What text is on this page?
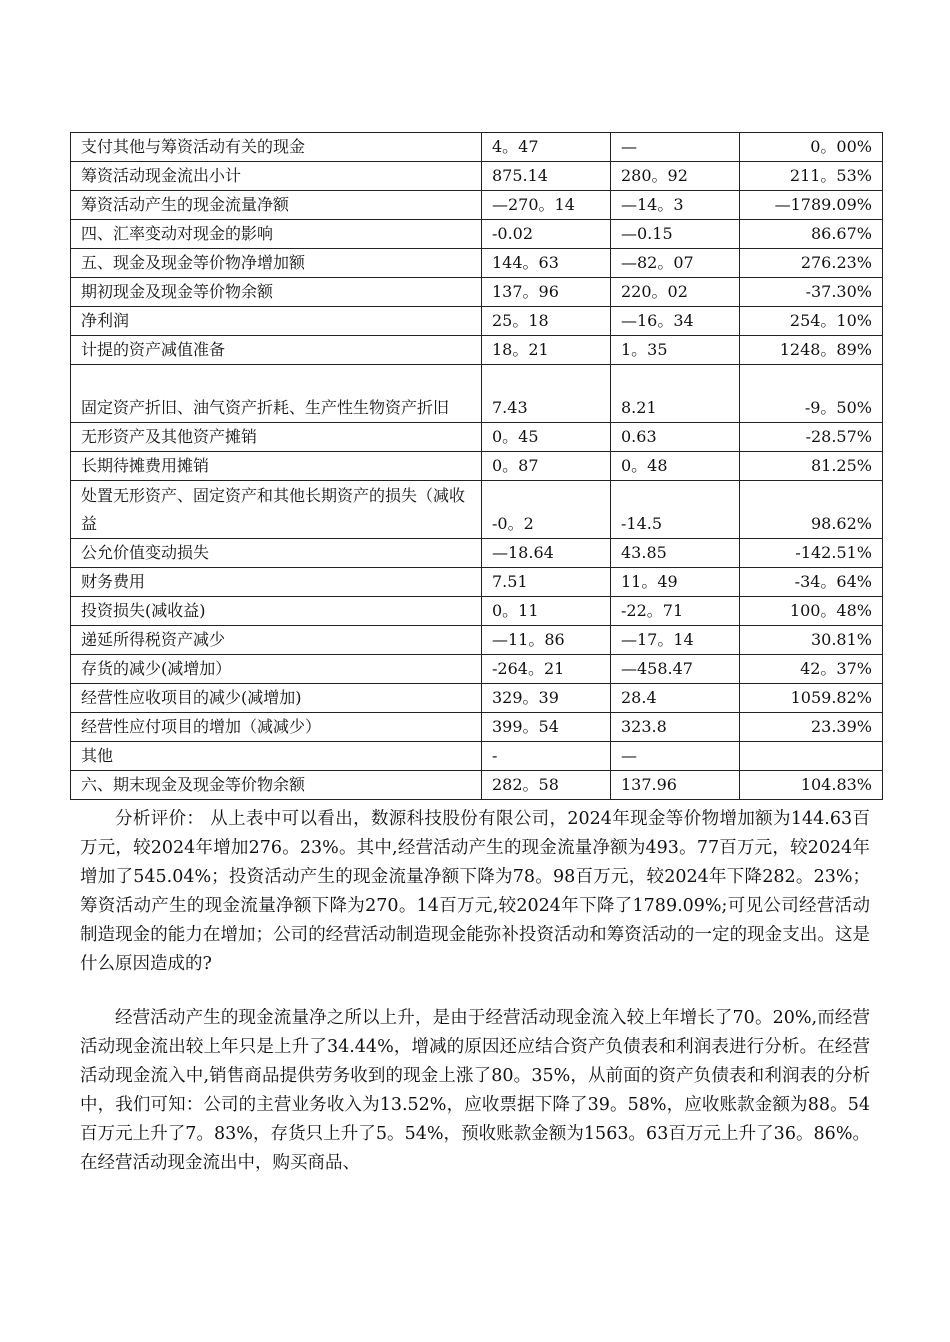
支付其他与筹资活动有关的现金	4。47	—	0。00%
筹资活动现金流出小计	875.14	280。92	211。53%
筹资活动产生的现金流量净额	—270。14	—14。3	—1789.09%
四、汇率变动对现金的影响	-0.02	—0.15	86.67%
五、现金及现金等价物净增加额	144。63	—82。07	276.23%
期初现金及现金等价物余额	137。96	220。02	-37.30%
净利润	25。18	—16。34	254。10%
计提的资产减值准备	18。21	1。35	1248。89%
固定资产折旧、油气资产折耗、生产性生物资产折旧	7.43	8.21	-9。50%
无形资产及其他资产摊销	0。45	0.63	-28.57%
长期待摊费用摊销	0。87	0。48	81.25%
处置无形资产、固定资产和其他长期资产的损失（减收益	-0。2	-14.5	98.62%
公允价值变动损失	—18.64	43.85	-142.51%
财务费用	7.51	11。49	-34。64%
投资损失(减收益)	0。11	-22。71	100。48%
递延所得税资产减少	—11。86	—17。14	30.81%
存货的减少(减增加）	-264。21	—458.47	42。37%
经营性应收项目的减少(减增加)	329。39	28.4	1059.82%
经营性应付项目的增加（减减少）	399。54	323.8	23.39%
其他	-	—	
六、期末现金及现金等价物余额	282。58	137.96	104.83%

分析评价： 从上表中可以看出，数源科技股份有限公司，2024年现金等价物增加额为144.63百万元，较2024年增加276。23%。其中,经营活动产生的现金流量净额为493。77百万元，较2024年增加了545.04%；投资活动产生的现金流量净额下降为78。98百万元，较2024年下降282。23%；筹资活动产生的现金流量净额下降为270。14百万元,较2024年下降了1789.09%;可见公司经营活动制造现金的能力在增加；公司的经营活动制造现金能弥补投资活动和筹资活动的一定的现金支出。这是什么原因造成的?

经营活动产生的现金流量净之所以上升，是由于经营活动现金流入较上年增长了70。20%,而经营活动现金流出较上年只是上升了34.44%，增减的原因还应结合资产负债表和利润表进行分析。在经营活动现金流入中,销售商品提供劳务收到的现金上涨了80。35%，从前面的资产负债表和利润表的分析中，我们可知：公司的主营业务收入为13.52%，应收票据下降了39。58%，应收账款金额为88。54百万元上升了7。83%，存货只上升了5。54%，预收账款金额为1563。63百万元上升了36。86%。在经营活动现金流出中，购买商品、
